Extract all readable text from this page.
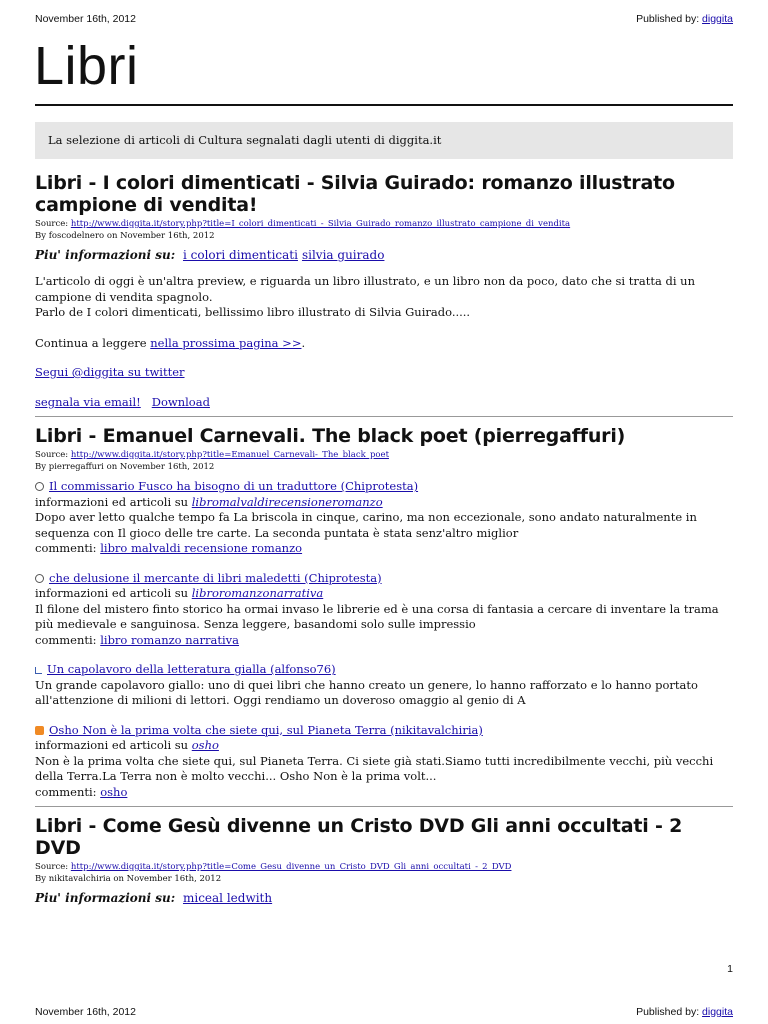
November 16th, 2012	Published by: diggita
Libri
La selezione di articoli di Cultura segnalati dagli utenti di diggita.it
Libri - I colori dimenticati - Silvia Guirado: romanzo illustrato campione di vendita!
Source: http://www.diggita.it/story.php?title=I_colori_dimenticati_-_Silvia_Guirado_romanzo_illustrato_campione_di_vendita
By foscodelnero on November 16th, 2012
Piu' informazioni su: i colori dimenticati silvia guirado

L'articolo di oggi è un'altra preview, e riguarda un libro illustrato, e un libro non da poco, dato che si tratta di un campione di vendita spagnolo.

Parlo de I colori dimenticati, bellissimo libro illustrato di Silvia Guirado.....

Continua a leggere nella prossima pagina >>.

Segui @diggita su twitter

segnala via email! Download

Libri - Emanuel Carnevali. The black poet (pierregaffuri)
Source: http://www.diggita.it/story.php?title=Emanuel_Carnevali-_The_black_poet
By pierregaffuri on November 16th, 2012
Il commissario Fusco ha bisogno di un traduttore (Chiprotesta)
informazioni ed articoli su libromalvaldirecensioneromanzo
Dopo aver letto qualche tempo fa La briscola in cinque, carino, ma non eccezionale, sono andato naturalmente in sequenza con Il gioco delle tre carte. La seconda puntata è stata senz'altro miglior
commenti: libro malvaldi recensione romanzo
che delusione il mercante di libri maledetti (Chiprotesta)
informazioni ed articoli su libroromanzonarrativa
Il filone del mistero finto storico ha ormai invaso le librerie ed è una corsa di fantasia a cercare di inventare la trama più medievale e sanguinosa. Senza leggere, basandomi solo sulle impressio
commenti: libro romanzo narrativa
Un capolavoro della letteratura gialla (alfonso76)
Un grande capolavoro giallo: uno di quei libri che hanno creato un genere, lo hanno rafforzato e lo hanno portato all'attenzione di milioni di lettori. Oggi rendiamo un doveroso omaggio al genio di A
Osho Non è la prima volta che siete qui, sul Pianeta Terra (nikitavalchiria)
informazioni ed articoli su osho
Non è la prima volta che siete qui, sul Pianeta Terra. Ci siete già stati.Siamo tutti incredibilmente vecchi, più vecchi della Terra.La Terra non è molto vecchi... Osho Non è la prima volt...
commenti: osho
Libri - Come Gesù divenne un Cristo DVD Gli anni occultati - 2 DVD
Source: http://www.diggita.it/story.php?title=Come_Gesu_divenne_un_Cristo_DVD_Gli_anni_occultati_-_2_DVD
By nikitavalchiria on November 16th, 2012
Piu' informazioni su: miceal ledwith
1
November 16th, 2012	Published by: diggita
